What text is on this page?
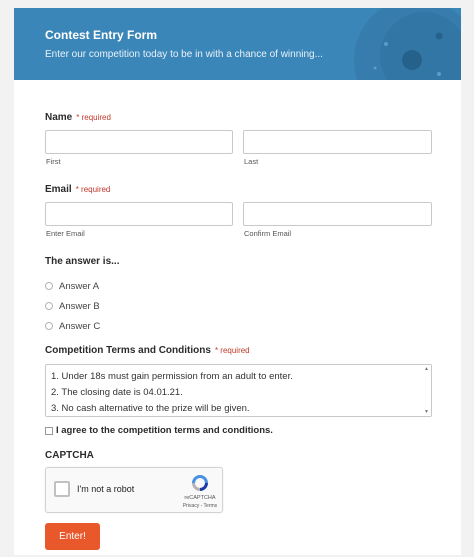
Contest Entry Form
Enter our competition today to be in with a chance of winning...
Name * required
First	Last
Email * required
Enter Email	Confirm Email
The answer is...
Answer A
Answer B
Answer C
Competition Terms and Conditions * required
1. Under 18s must gain permission from an adult to enter.
2. The closing date is 04.01.21.
3. No cash alternative to the prize will be given.
▲
▼
I agree to the competition terms and conditions.
CAPTCHA
I'm not a robot
reCAPTCHA
Privacy - Terms
Enter!
